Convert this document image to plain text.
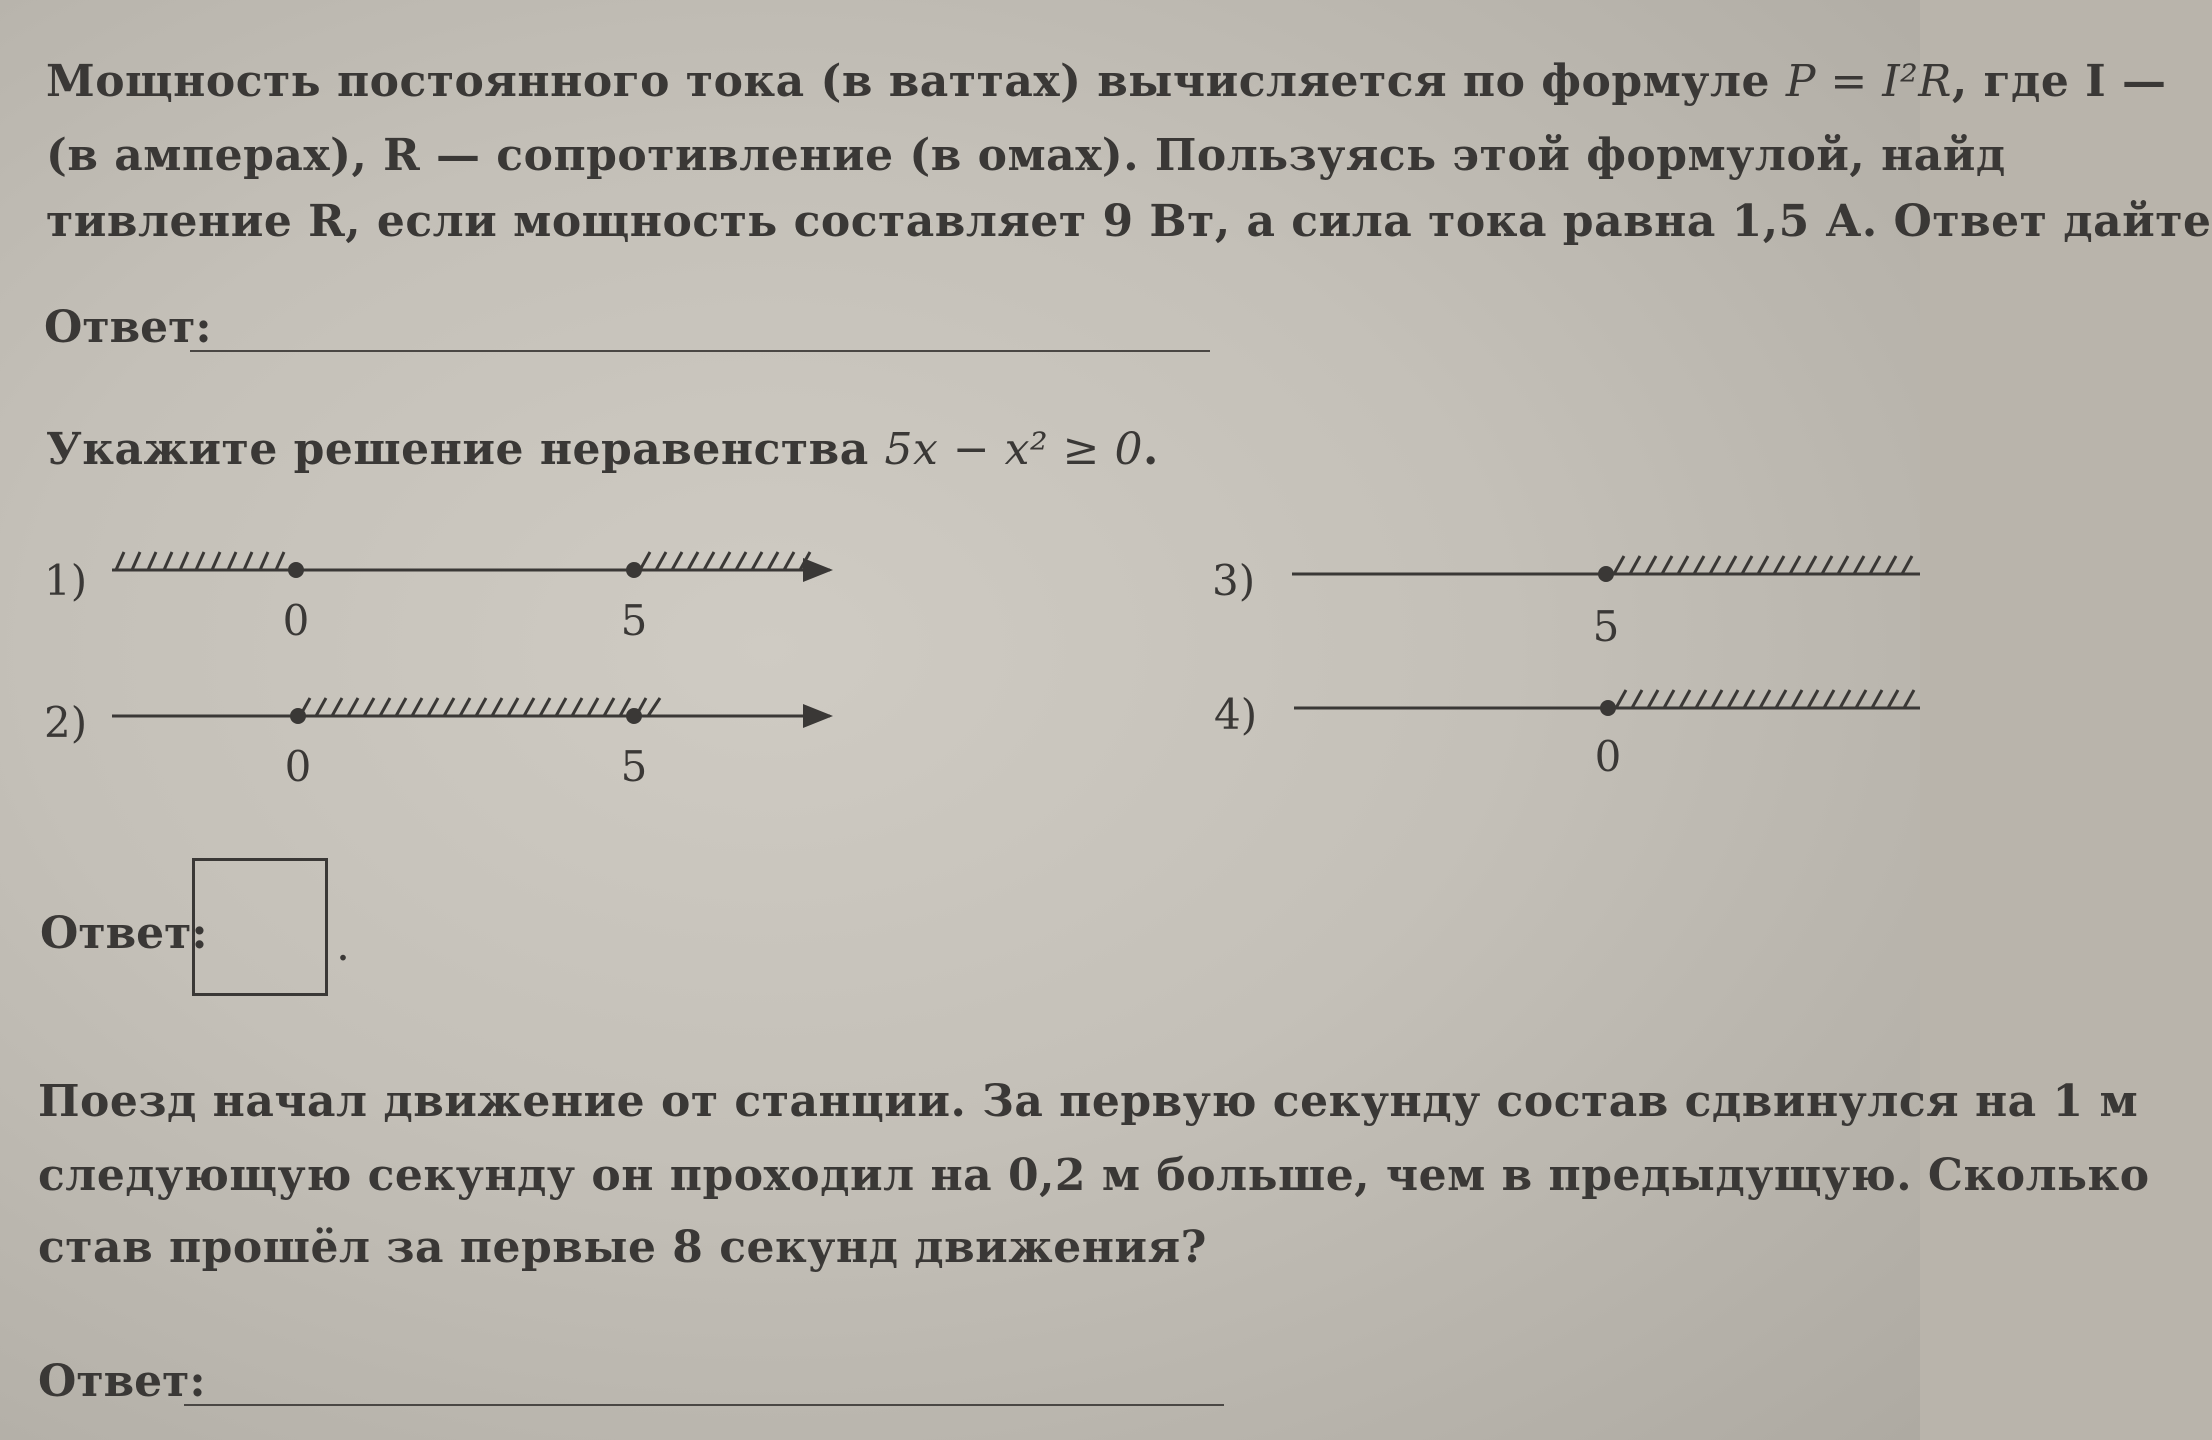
Мощность постоянного тока (в ваттах) вычисляется по формуле P = I²R, где I —
(в амперах), R — сопротивление (в омах). Пользуясь этой формулой, найд
тивление R, если мощность составляет 9 Вт, а сила тока равна 1,5 А. Ответ дайте
Ответ:
Укажите решение неравенства 5x − x² ≥ 0.
1)
0	5
2)
0	5
3)
5
4)
0
Ответ:	.
Поезд начал движение от станции. За первую секунду состав сдвинулся на 1 м
следующую секунду он проходил на 0,2 м больше, чем в предыдущую. Сколько
став прошёл за первые 8 секунд движения?
Ответ:
